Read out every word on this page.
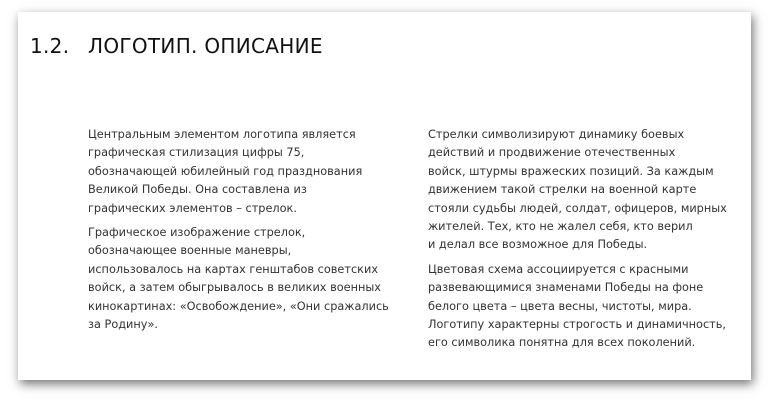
1.2. ЛОГОТИП. ОПИСАНИЕ

Центральным элементом логотипа является
графическая стилизация цифры 75,
обозначающей юбилейный год празднования
Великой Победы. Она составлена из
графических элементов – стрелок.

Графическое изображение стрелок,
обозначающее военные маневры,
использовалось на картах генштабов советских
войск, а затем обыгрывалось в великих военных
кинокартинах: «Освобождение», «Они сражались
за Родину».

Стрелки символизируют динамику боевых
действий и продвижение отечественных
войск, штурмы вражеских позиций. За каждым
движением такой стрелки на военной карте
стояли судьбы людей, солдат, офицеров, мирных
жителей. Тех, кто не жалел себя, кто верил
и делал все возможное для Победы.

Цветовая схема ассоциируется с красными
развевающимися знаменами Победы на фоне
белого цвета – цвета весны, чистоты, мира.
Логотипу характерны строгость и динамичность,
его символика понятна для всех поколений.
